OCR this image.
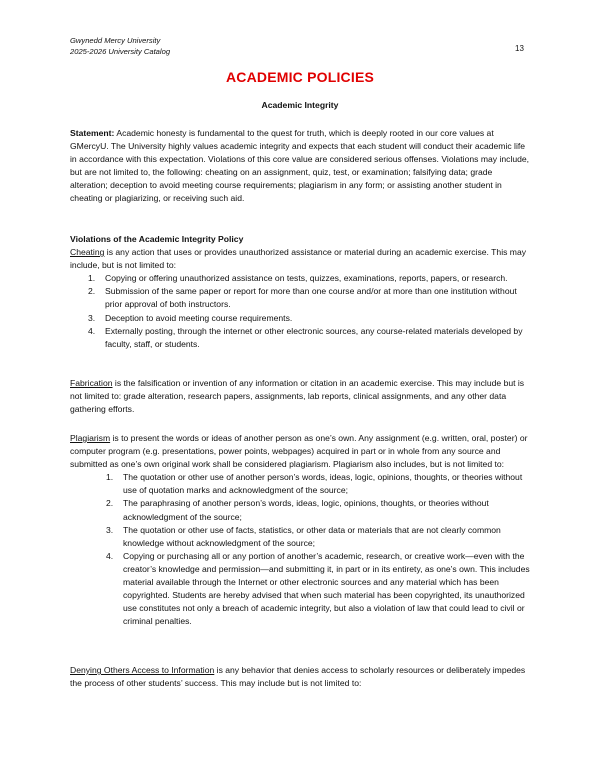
Gwynedd Mercy University
2025-2026 University Catalog	13
ACADEMIC POLICIES
Academic Integrity

Statement: Academic honesty is fundamental to the quest for truth, which is deeply rooted in our core values at GMercyU. The University highly values academic integrity and expects that each student will conduct their academic life in accordance with this expectation. Violations of this core value are considered serious offenses. Violations may include, but are not limited to, the following: cheating on an assignment, quiz, test, or examination; falsifying data; grade alteration; deception to avoid meeting course requirements; plagiarism in any form; or assisting another student in cheating or plagiarizing, or receiving such aid.

Violations of the Academic Integrity Policy

Cheating is any action that uses or provides unauthorized assistance or material during an academic exercise. This may include, but is not limited to:

1. Copying or offering unauthorized assistance on tests, quizzes, examinations, reports, papers, or research.
2. Submission of the same paper or report for more than one course and/or at more than one institution without prior approval of both instructors.
3. Deception to avoid meeting course requirements.
4. Externally posting, through the internet or other electronic sources, any course-related materials developed by faculty, staff, or students.

Fabrication is the falsification or invention of any information or citation in an academic exercise. This may include but is not limited to: grade alteration, research papers, assignments, lab reports, clinical assignments, and any other data gathering efforts.

Plagiarism is to present the words or ideas of another person as one’s own. Any assignment (e.g. written, oral, poster) or computer program (e.g. presentations, power points, webpages) acquired in part or in whole from any source and submitted as one’s own original work shall be considered plagiarism. Plagiarism also includes, but is not limited to:

1. The quotation or other use of another person’s words, ideas, logic, opinions, thoughts, or theories without use of quotation marks and acknowledgment of the source;
2. The paraphrasing of another person’s words, ideas, logic, opinions, thoughts, or theories without acknowledgment of the source;
3. The quotation or other use of facts, statistics, or other data or materials that are not clearly common knowledge without acknowledgment of the source;
4. Copying or purchasing all or any portion of another’s academic, research, or creative work—even with the creator’s knowledge and permission—and submitting it, in part or in its entirety, as one’s own. This includes material available through the Internet or other electronic sources and any material which has been copyrighted. Students are hereby advised that when such material has been copyrighted, its unauthorized use constitutes not only a breach of academic integrity, but also a violation of law that could lead to civil or criminal penalties.

Denying Others Access to Information is any behavior that denies access to scholarly resources or deliberately impedes the process of other students’ success. This may include but is not limited to:
